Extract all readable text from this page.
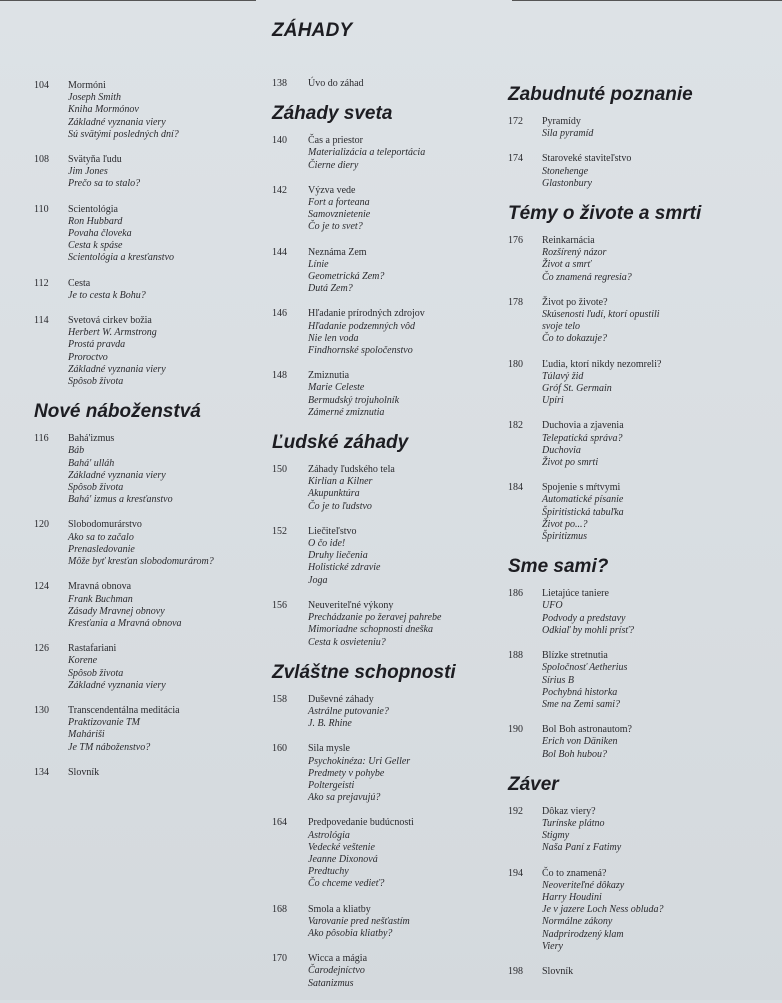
ZÁHADY
104	Mormóni
Joseph Smith
Kniha Mormónov
Základné vyznania viery
Sú svätými posledných dní?
108	Svätyňa ľudu
Jim Jones
Prečo sa to stalo?
110	Scientológia
Ron Hubbard
Povaha človeka
Cesta k spáse
Scientológia a kresťanstvo
112	Cesta
Je to cesta k Bohu?
114	Svetová cirkev božia
Herbert W. Armstrong
Prostá pravda
Proroctvo
Základné vyznania viery
Spôsob života
Nové náboženstvá
116	Bahá'izmus
Báb
Bahá' ulláh
Základné vyznania viery
Spôsob života
Bahá' izmus a kresťanstvo
120	Slobodomurárstvo
Ako sa to začalo
Prenasledovanie
Môže byť kresťan slobodomurárom?
124	Mravná obnova
Frank Buchman
Zásady Mravnej obnovy
Kresťania a Mravná obnova
126	Rastafariani
Korene
Spôsob života
Základné vyznania viery
130	Transcendentálna meditácia
Praktizovanie TM
Maháriši
Je TM náboženstvo?
134	Slovník
138	Úvo do záhad
Záhady sveta
140	Čas a priestor
Materializácia a teleportácia
Čierne diery
142	Výzva vede
Fort a forteana
Samovznietenie
Čo je to svet?
144	Neznáma Zem
Línie
Geometrická Zem?
Dutá Zem?
146	Hľadanie prírodných zdrojov
Hľadanie podzemných vôd
Nie len voda
Findhornské spoločenstvo
148	Zmiznutia
Marie Celeste
Bermudský trojuholník
Zámerné zmiznutia
Ľudské záhady
150	Záhady ľudského tela
Kirlian a Kilner
Akupunktúra
Čo je to ľudstvo
152	Liečiteľstvo
O čo ide!
Druhy liečenia
Holistické zdravie
Joga
156	Neuveriteľné výkony
Prechádzanie po žeravej pahrebe
Mimoriadne schopnosti dneška
Cesta k osvieteniu?
Zvláštne schopnosti
158	Duševné záhady
Astrálne putovanie?
J. B. Rhine
160	Sila mysle
Psychokinéza: Uri Geller
Predmety v pohybe
Poltergeisti
Ako sa prejavujú?
164	Predpovedanie budúcnosti
Astrológia
Vedecké veštenie
Jeanne Dixonová
Predtuchy
Čo chceme vedieť?
168	Smola a kliatby
Varovanie pred nešťastím
Ako pôsobia kliatby?
170	Wicca a mágia
Čarodejníctvo
Satanizmus
Zabudnuté poznanie
172	Pyramídy
Sila pyramíd
174	Staroveké staviteľstvo
Stonehenge
Glastonbury
Témy o živote a smrti
176	Reinkarnácia
Rozšírený názor
Život a smrť
Čo znamená regresia?
178	Život po živote?
Skúsenosti ľudí, ktorí opustili
svoje telo
Čo to dokazuje?
180	Ľudia, ktorí nikdy nezomreli?
Túlavý žid
Gróf St. Germain
Upíri
182	Duchovia a zjavenia
Telepatická správa?
Duchovia
Život po smrti
184	Spojenie s mŕtvymi
Automatické písanie
Špiritistická tabuľka
Život po...?
Špiritizmus
Sme sami?
186	Lietajúce taniere
UFO
Podvody a predstavy
Odkiaľ by mohli prísť?
188	Blízke stretnutia
Spoločnosť Aetherius
Sírius B
Pochybná historka
Sme na Zemi sami?
190	Bol Boh astronautom?
Erich von Däniken
Bol Boh hubou?
Záver
192	Dôkaz viery?
Turínske plátno
Stigmy
Naša Paní z Fatimy
194	Čo to znamená?
Neoveriteľné dôkazy
Harry Houdini
Je v jazere Loch Ness obluda?
Normálne zákony
Nadprirodzený klam
Viery
198	Slovník
